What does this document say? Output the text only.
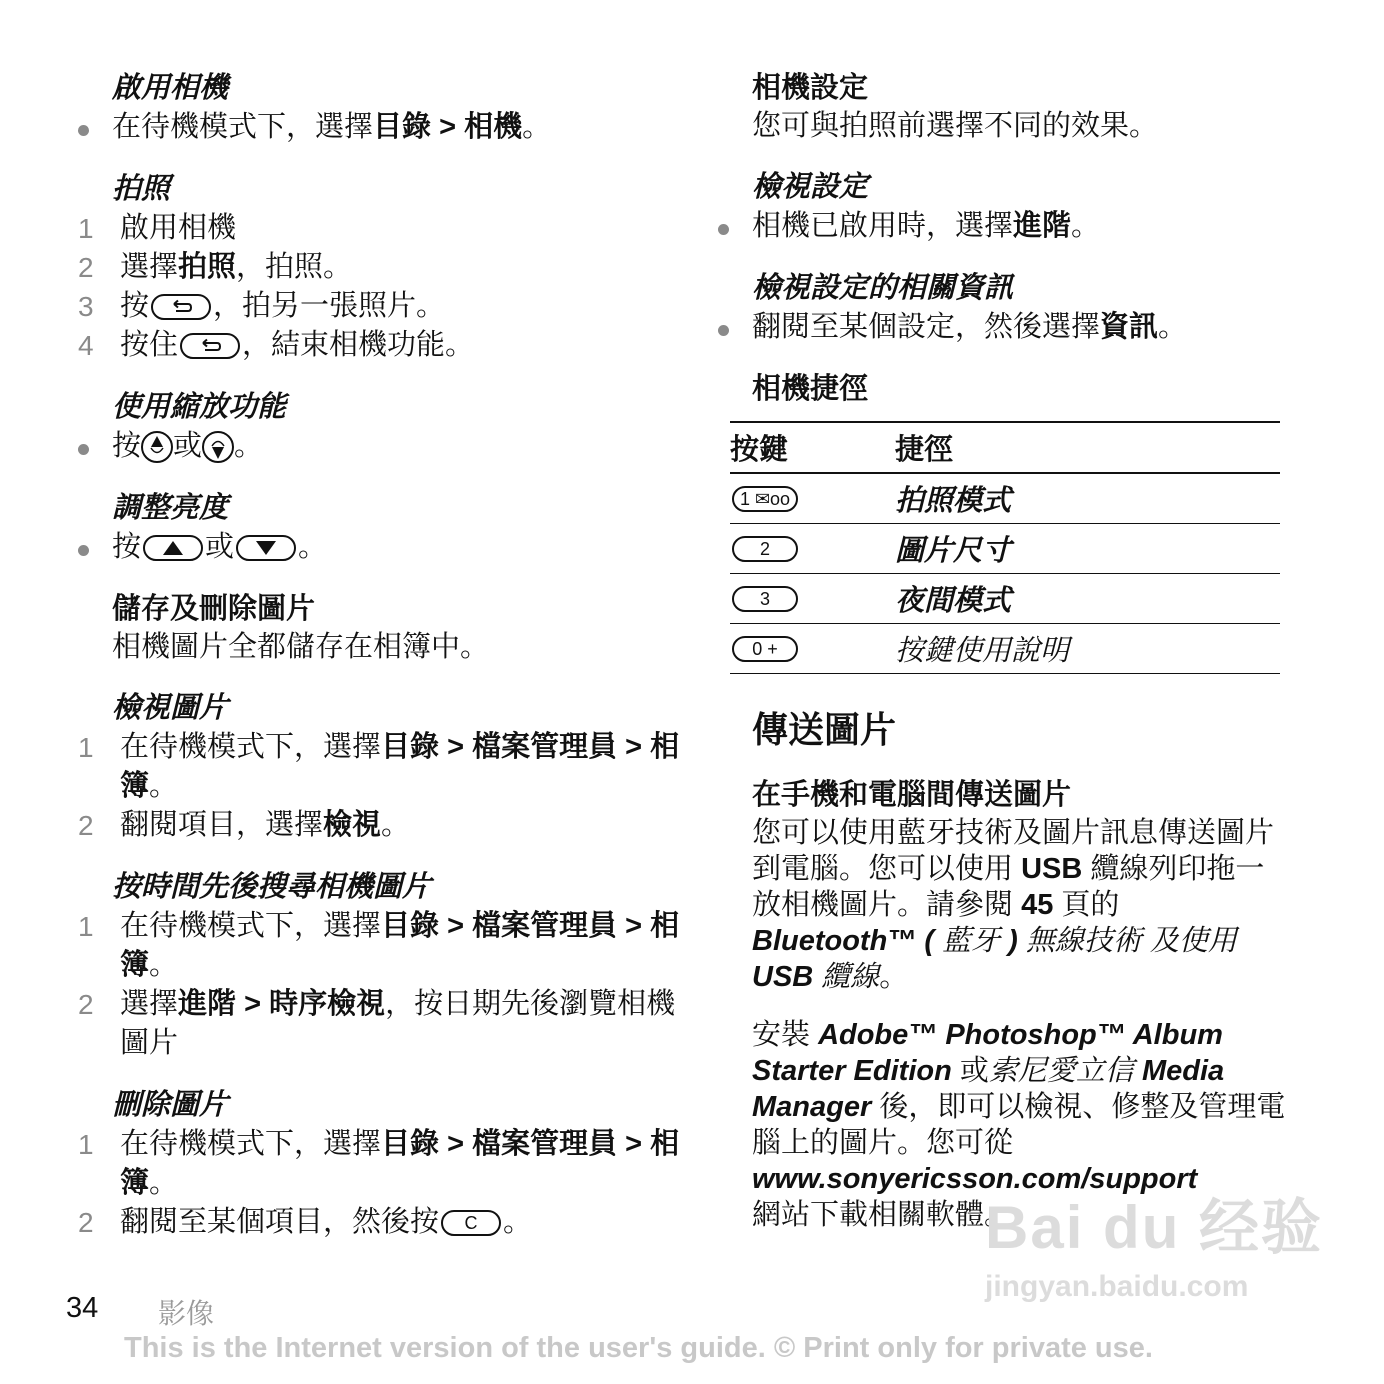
啟用相機
在待機模式下，選擇目錄 > 相機。
拍照
1 啟用相機
2 選擇拍照，拍照。
3 按 ，拍另一張照片。
4 按住 ，結束相機功能。
使用縮放功能
按 或 。
調整亮度
按 或 。
儲存及刪除圖片
相機圖片全都儲存在相簿中。
檢視圖片
1 在待機模式下，選擇目錄 > 檔案管理員 > 相簿。
2 翻閱項目，選擇檢視。
按時間先後搜尋相機圖片
1 在待機模式下，選擇目錄 > 檔案管理員 > 相簿。
2 選擇進階 > 時序檢視，按日期先後瀏覽相機圖片
刪除圖片
1 在待機模式下，選擇目錄 > 檔案管理員 > 相簿。
2 翻閱至某個項目，然後按 C 。
相機設定
您可與拍照前選擇不同的效果。
檢視設定
相機已啟用時，選擇進階。
檢視設定的相關資訊
翻閱至某個設定，然後選擇資訊。
相機捷徑
按鍵	捷徑
1 ✉oo	拍照模式
2	圖片尺寸
3	夜間模式
0 +	按鍵使用說明
傳送圖片
在手機和電腦間傳送圖片
您可以使用藍牙技術及圖片訊息傳送圖片到電腦。您可以使用 USB 纜線列印拖一放相機圖片。請參閱 45 頁的 Bluetooth™ ( 藍牙 ) 無線技術 及使用 USB 纜線。
安裝 Adobe™ Photoshop™ Album Starter Edition 或索尼愛立信 Media Manager 後，即可以檢視、修整及管理電腦上的圖片。您可從
www.sonyericsson.com/support
網站下載相關軟體。
Bai du 经验
jingyan.baidu.com
34 影像
This is the Internet version of the user's guide. © Print only for private use.
